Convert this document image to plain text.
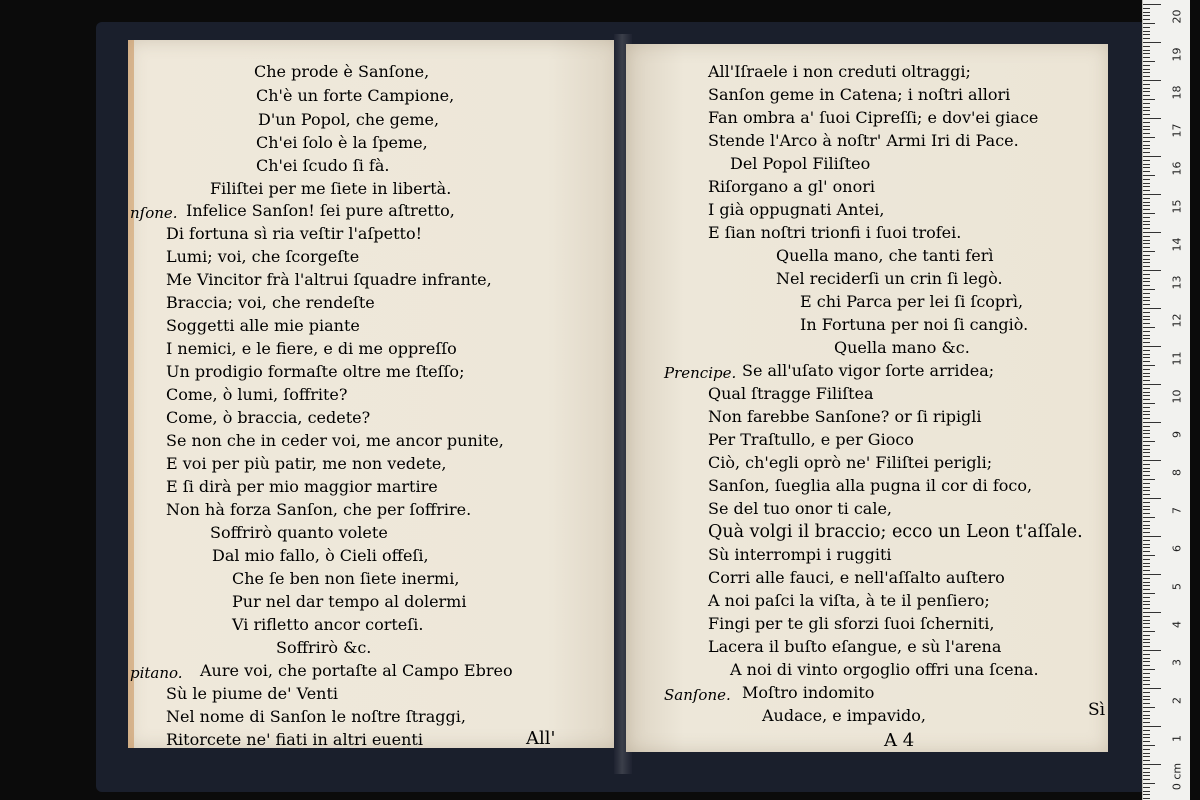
Che prode è Sanſone,
Ch'è un forte Campione,
D'un Popol, che geme,
Ch'ei ſolo è la ſpeme,
Ch'ei ſcudo ſi fà.
Filiſtei per me ſiete in libertà.
nſone. Infelice Sanſon! ſei pure aſtretto,
Di fortuna sì ria veſtir l'aſpetto!
Lumi; voi, che ſcorgeſte
Me Vincitor frà l'altrui ſquadre infrante,
Braccia; voi, che rendeſte
Soggetti alle mie piante
I nemici, e le fiere, e di me oppreſſo
Un prodigio formaſte oltre me ſteſſo;
Come, ò lumi, ſoffrite?
Come, ò braccia, cedete?
Se non che in ceder voi, me ancor punite,
E voi per più patir, me non vedete,
E ſi dirà per mio maggior martire
Non hà forza Sanſon, che per ſoffrire.
Soffrirò quanto volete
Dal mio fallo, ò Cieli offeſi,
Che ſe ben non ſiete inermi,
Pur nel dar tempo al dolermi
Vi rifletto ancor corteſi.
Soffrirò &c.
pitano. Aure voi, che portaſte al Campo Ebreo
Sù le piume de' Venti
Nel nome di Sanſon le noſtre ſtraggi,
Ritorcete ne' fiati in altri euenti	All'
All'Iſraele i non creduti oltraggi;
Sanſon geme in Catena; i noſtri allori
Fan ombra a' ſuoi Cipreſſi; e dov'ei giace
Stende l'Arco à noſtr' Armi Iri di Pace.
Del Popol Filiſteo
Riſorgano a gl' onori
I già oppugnati Antei,
E ſian noſtri trionfi i ſuoi trofei.
Quella mano, che tanti ferì
Nel reciderſi un crin ſi legò.
E chi Parca per lei ſi ſcoprì,
In Fortuna per noi ſi cangiò.
Quella mano &c.
Prencipe. Se all'uſato vigor ſorte arridea;
Qual ſtragge Filiſtea
Non farebbe Sanſone? or ſi ripigli
Per Traſtullo, e per Gioco
Ciò, ch'egli oprò ne' Filiſtei perigli;
Sanſon, ſueglia alla pugna il cor di foco,
Se del tuo onor ti cale,
Quà volgi il braccio; ecco un Leon t'aſſale.
Sù interrompi i ruggiti
Corri alle fauci, e nell'aſſalto auſtero
A noi paſci la viſta, à te il penſiero;
Fingi per te gli sforzi ſuoi ſcherniti,
Lacera il buſto eſangue, e sù l'arena
A noi di vinto orgoglio offri una ſcena.
Sanſone. Moſtro indomito
Audace, e impavido,
A 4
Sì
20
19
18
17
16
15
14
13
12
11
10
9
8
7
6
5
4
3
2
1
0 cm
